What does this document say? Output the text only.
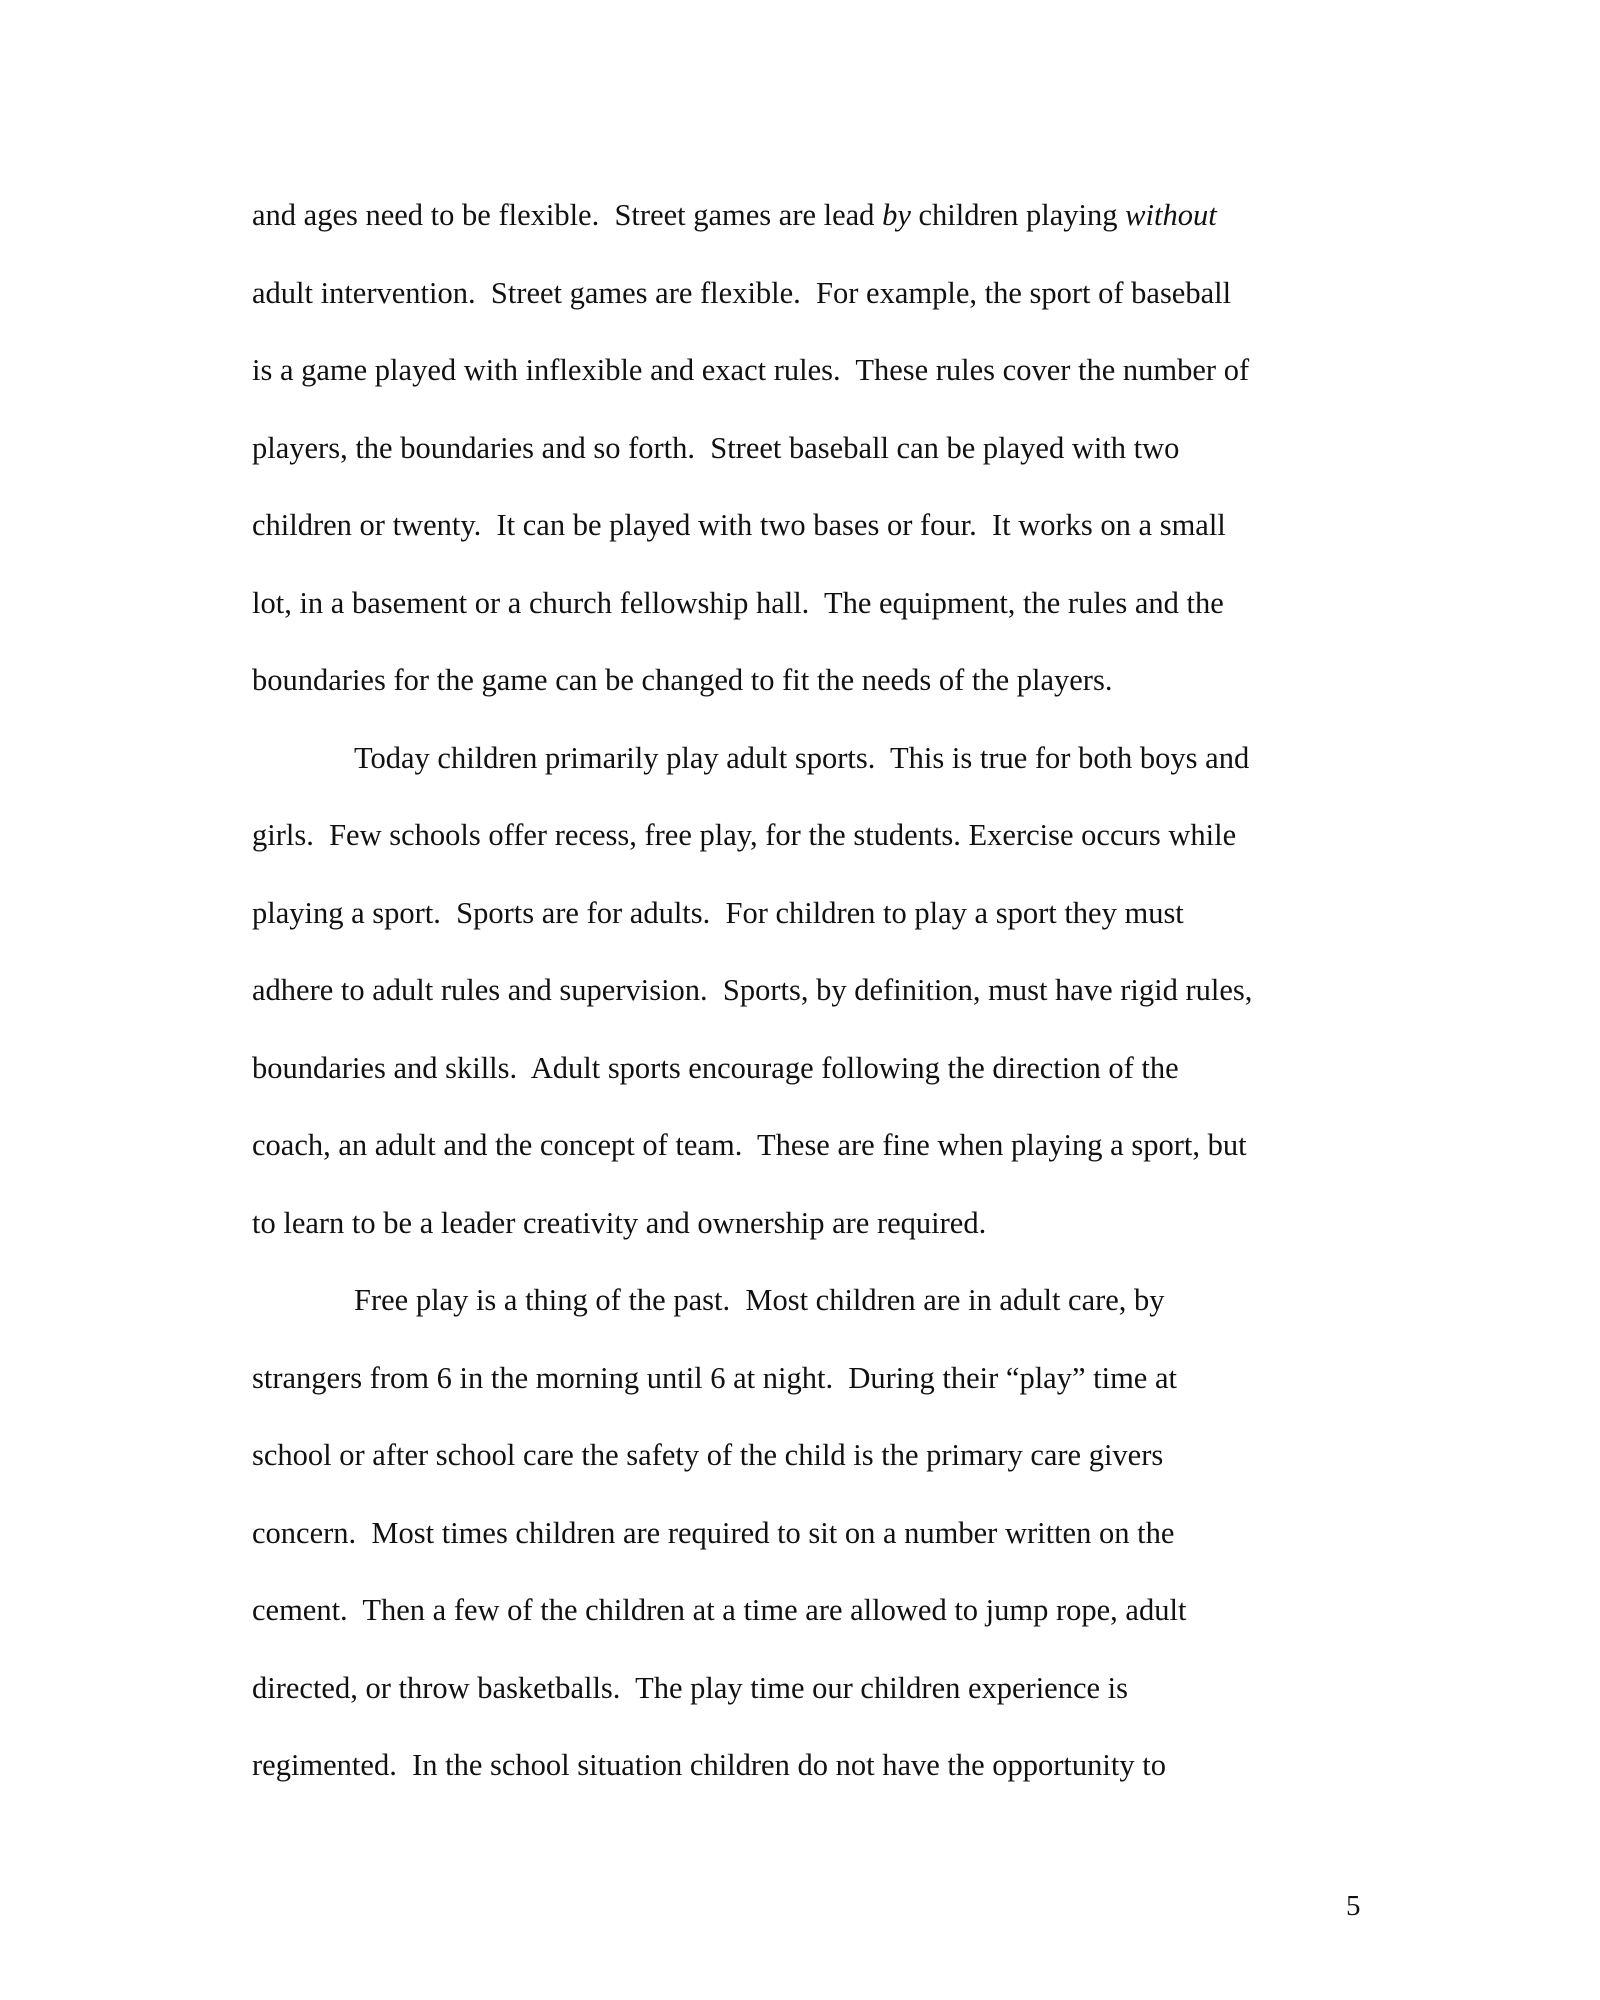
and ages need to be flexible.  Street games are lead by children playing without
adult intervention.  Street games are flexible.  For example, the sport of baseball
is a game played with inflexible and exact rules.  These rules cover the number of
players, the boundaries and so forth.  Street baseball can be played with two
children or twenty.  It can be played with two bases or four.  It works on a small
lot, in a basement or a church fellowship hall.  The equipment, the rules and the
boundaries for the game can be changed to fit the needs of the players.
Today children primarily play adult sports.  This is true for both boys and
girls.  Few schools offer recess, free play, for the students. Exercise occurs while
playing a sport.  Sports are for adults.  For children to play a sport they must
adhere to adult rules and supervision.  Sports, by definition, must have rigid rules,
boundaries and skills.  Adult sports encourage following the direction of the
coach, an adult and the concept of team.  These are fine when playing a sport, but
to learn to be a leader creativity and ownership are required.
Free play is a thing of the past.  Most children are in adult care, by
strangers from 6 in the morning until 6 at night.  During their “play” time at
school or after school care the safety of the child is the primary care givers
concern.  Most times children are required to sit on a number written on the
cement.  Then a few of the children at a time are allowed to jump rope, adult
directed, or throw basketballs.  The play time our children experience is
regimented.  In the school situation children do not have the opportunity to
5
